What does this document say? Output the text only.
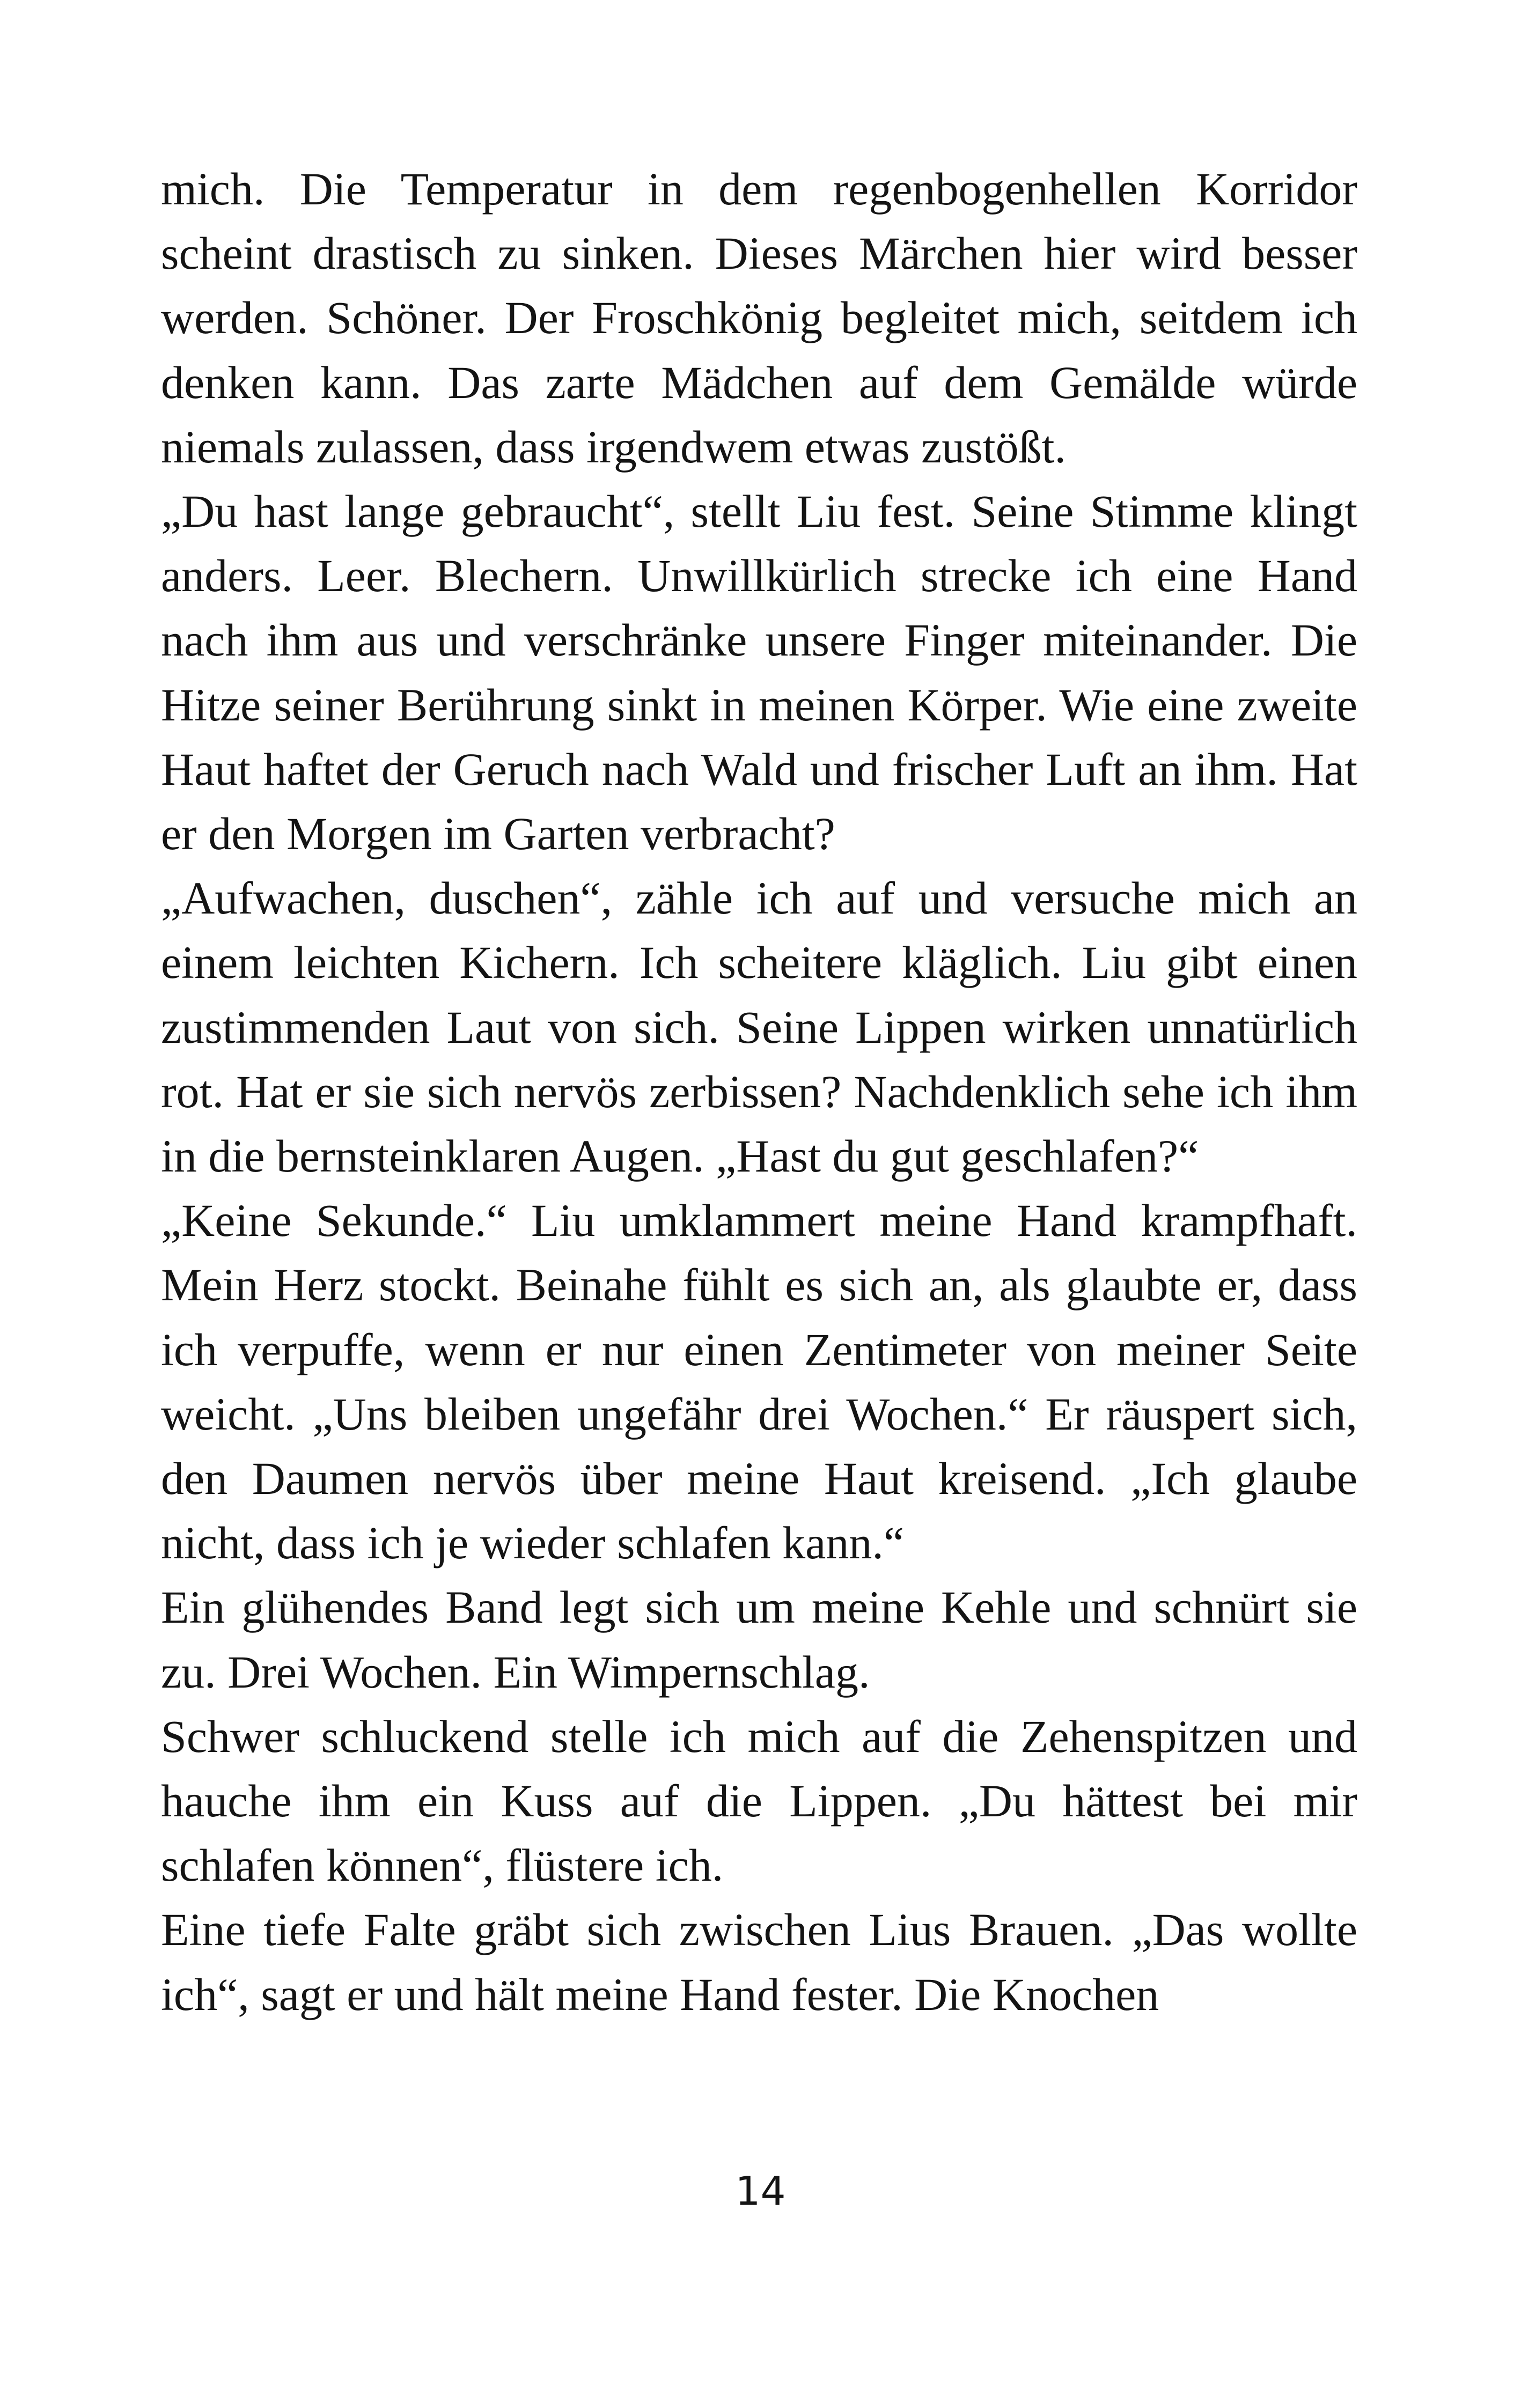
mich. Die Temperatur in dem regenbogenhellen Korridor scheint drastisch zu sinken. Dieses Märchen hier wird besser werden. Schöner. Der Froschkönig begleitet mich, seitdem ich denken kann. Das zarte Mädchen auf dem Gemälde würde niemals zulassen, dass irgendwem etwas zustößt.

„Du hast lange gebraucht“, stellt Liu fest. Seine Stimme klingt anders. Leer. Blechern. Unwillkürlich strecke ich eine Hand nach ihm aus und verschränke unsere Finger miteinander. Die Hitze seiner Berührung sinkt in meinen Körper. Wie eine zweite Haut haftet der Geruch nach Wald und frischer Luft an ihm. Hat er den Morgen im Garten verbracht?

„Aufwachen, duschen“, zähle ich auf und versuche mich an einem leichten Kichern. Ich scheitere kläglich. Liu gibt einen zustimmenden Laut von sich. Seine Lippen wirken unnatürlich rot. Hat er sie sich nervös zerbissen? Nachdenklich sehe ich ihm in die bernsteinklaren Augen. „Hast du gut geschlafen?“

„Keine Sekunde.“ Liu umklammert meine Hand krampfhaft. Mein Herz stockt. Beinahe fühlt es sich an, als glaubte er, dass ich verpuffe, wenn er nur einen Zentimeter von meiner Seite weicht. „Uns bleiben ungefähr drei Wochen.“ Er räuspert sich, den Daumen nervös über meine Haut kreisend. „Ich glaube nicht, dass ich je wieder schlafen kann.“

Ein glühendes Band legt sich um meine Kehle und schnürt sie zu. Drei Wochen. Ein Wimpernschlag.

Schwer schluckend stelle ich mich auf die Zehenspitzen und hauche ihm ein Kuss auf die Lippen. „Du hättest bei mir schlafen können“, flüstere ich.

Eine tiefe Falte gräbt sich zwischen Lius Brauen. „Das wollte ich“, sagt er und hält meine Hand fester. Die Knochen

14
